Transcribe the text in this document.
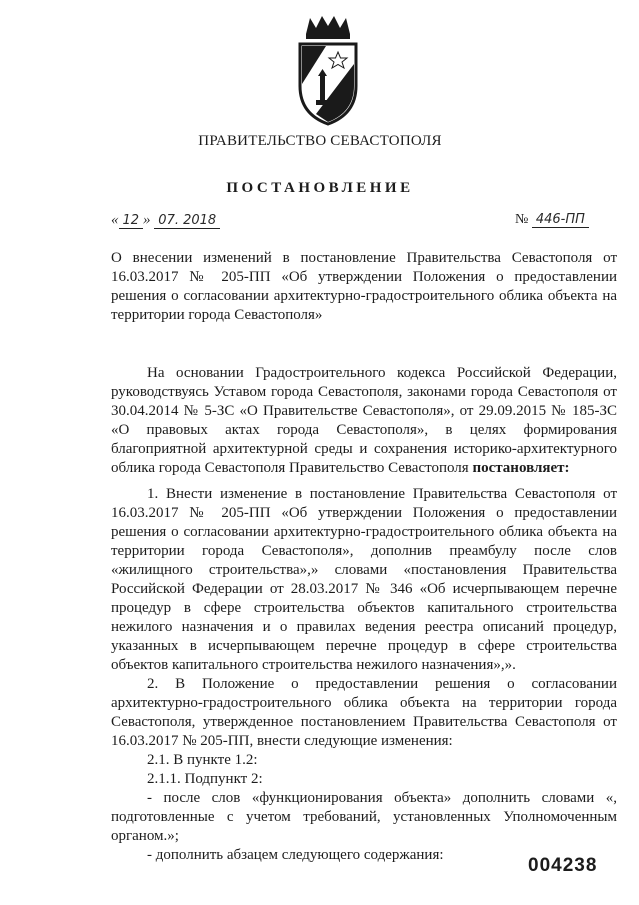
ПРАВИТЕЛЬСТВО СЕВАСТОПОЛЯ
ПОСТАНОВЛЕНИЕ
« 12 » 07. 2018	№ 446-ПП

О внесении изменений в постановление Правительства Севастополя от 16.03.2017 № 205-ПП «Об утверждении Положения о предоставлении решения о согласовании архитектурно-градостроительного облика объекта на территории города Севастополя»

На основании Градостроительного кодекса Российской Федерации, руководствуясь Уставом города Севастополя, законами города Севастополя от 30.04.2014 № 5-ЗС «О Правительстве Севастополя», от 29.09.2015 № 185-ЗС «О правовых актах города Севастополя», в целях формирования благоприятной архитектурной среды и сохранения историко-архитектурного облика города Севастополя Правительство Севастополя постановляет:

1. Внести изменение в постановление Правительства Севастополя от 16.03.2017 № 205-ПП «Об утверждении Положения о предоставлении решения о согласовании архитектурно-градостроительного облика объекта на территории города Севастополя», дополнив преамбулу после слов «жилищного строительства»,» словами «постановления Правительства Российской Федерации от 28.03.2017 № 346 «Об исчерпывающем перечне процедур в сфере строительства объектов капитального строительства нежилого назначения и о правилах ведения реестра описаний процедур, указанных в исчерпывающем перечне процедур в сфере строительства объектов капитального строительства нежилого назначения»,».

2. В Положение о предоставлении решения о согласовании архитектурно-градостроительного облика объекта на территории города Севастополя, утвержденное постановлением Правительства Севастополя от 16.03.2017 № 205-ПП, внести следующие изменения:

2.1. В пункте 1.2:

2.1.1. Подпункт 2:

- после слов «функционирования объекта» дополнить словами «, подготовленные с учетом требований, установленных Уполномоченным органом.»;

- дополнить абзацем следующего содержания:	004238
